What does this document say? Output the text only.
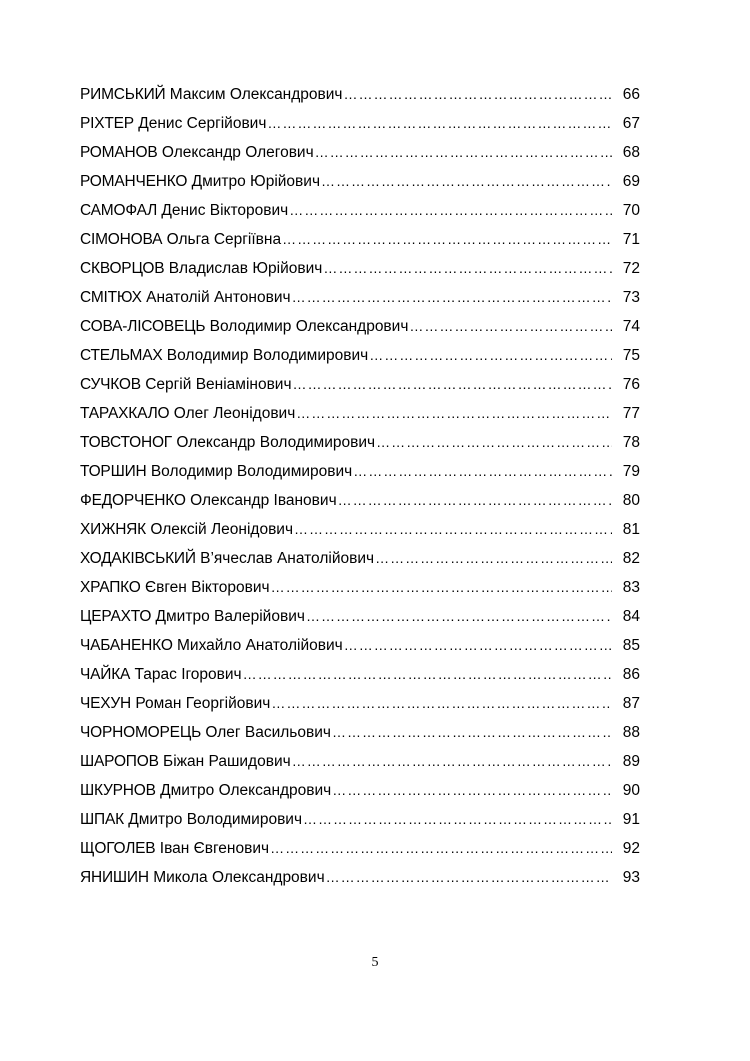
РИМСЬКИЙ Максим Олександрович ……………………………………………………………………………………………………	66
РІХТЕР Денис Сергійович ……………………………………………………………………………………………………	67
РОМАНОВ Олександр Олегович ……………………………………………………………………………………………………	68
РОМАНЧЕНКО Дмитро Юрійович ……………………………………………………………………………………………………	69
САМОФАЛ Денис Вікторович ……………………………………………………………………………………………………	70
СІМОНОВА Ольга Сергіївна ……………………………………………………………………………………………………	71
СКВОРЦОВ Владислав Юрійович ……………………………………………………………………………………………………	72
СМІТЮХ Анатолій Антонович ……………………………………………………………………………………………………	73
СОВА-ЛІСОВЕЦЬ Володимир Олександрович ……………………………………………………………………………………………………	74
СТЕЛЬМАХ Володимир Володимирович ……………………………………………………………………………………………………	75
СУЧКОВ Сергій Веніамінович ……………………………………………………………………………………………………	76
ТАРАХКАЛО Олег Леонідович ……………………………………………………………………………………………………	77
ТОВСТОНОГ Олександр Володимирович ……………………………………………………………………………………………………	78
ТОРШИН Володимир Володимирович ……………………………………………………………………………………………………	79
ФЕДОРЧЕНКО Олександр Іванович ……………………………………………………………………………………………………	80
ХИЖНЯК Олексій Леонідович ……………………………………………………………………………………………………	81
ХОДАКІВСЬКИЙ В’ячеслав Анатолійович ……………………………………………………………………………………………………	82
ХРАПКО Євген Вікторович ……………………………………………………………………………………………………	83
ЦЕРАХТО Дмитро Валерійович ……………………………………………………………………………………………………	84
ЧАБАНЕНКО Михайло Анатолійович ……………………………………………………………………………………………………	85
ЧАЙКА Тарас Ігорович ……………………………………………………………………………………………………	86
ЧЕХУН Роман Георгійович ……………………………………………………………………………………………………	87
ЧОРНОМОРЕЦЬ Олег Васильович ……………………………………………………………………………………………………	88
ШАРОПОВ Біжан Рашидович ……………………………………………………………………………………………………	89
ШКУРНОВ Дмитро Олександрович ……………………………………………………………………………………………………	90
ШПАК Дмитро Володимирович ……………………………………………………………………………………………………	91
ЩОГОЛЕВ Іван Євгенович ……………………………………………………………………………………………………	92
ЯНИШИН Микола Олександрович ……………………………………………………………………………………………………	93
5
